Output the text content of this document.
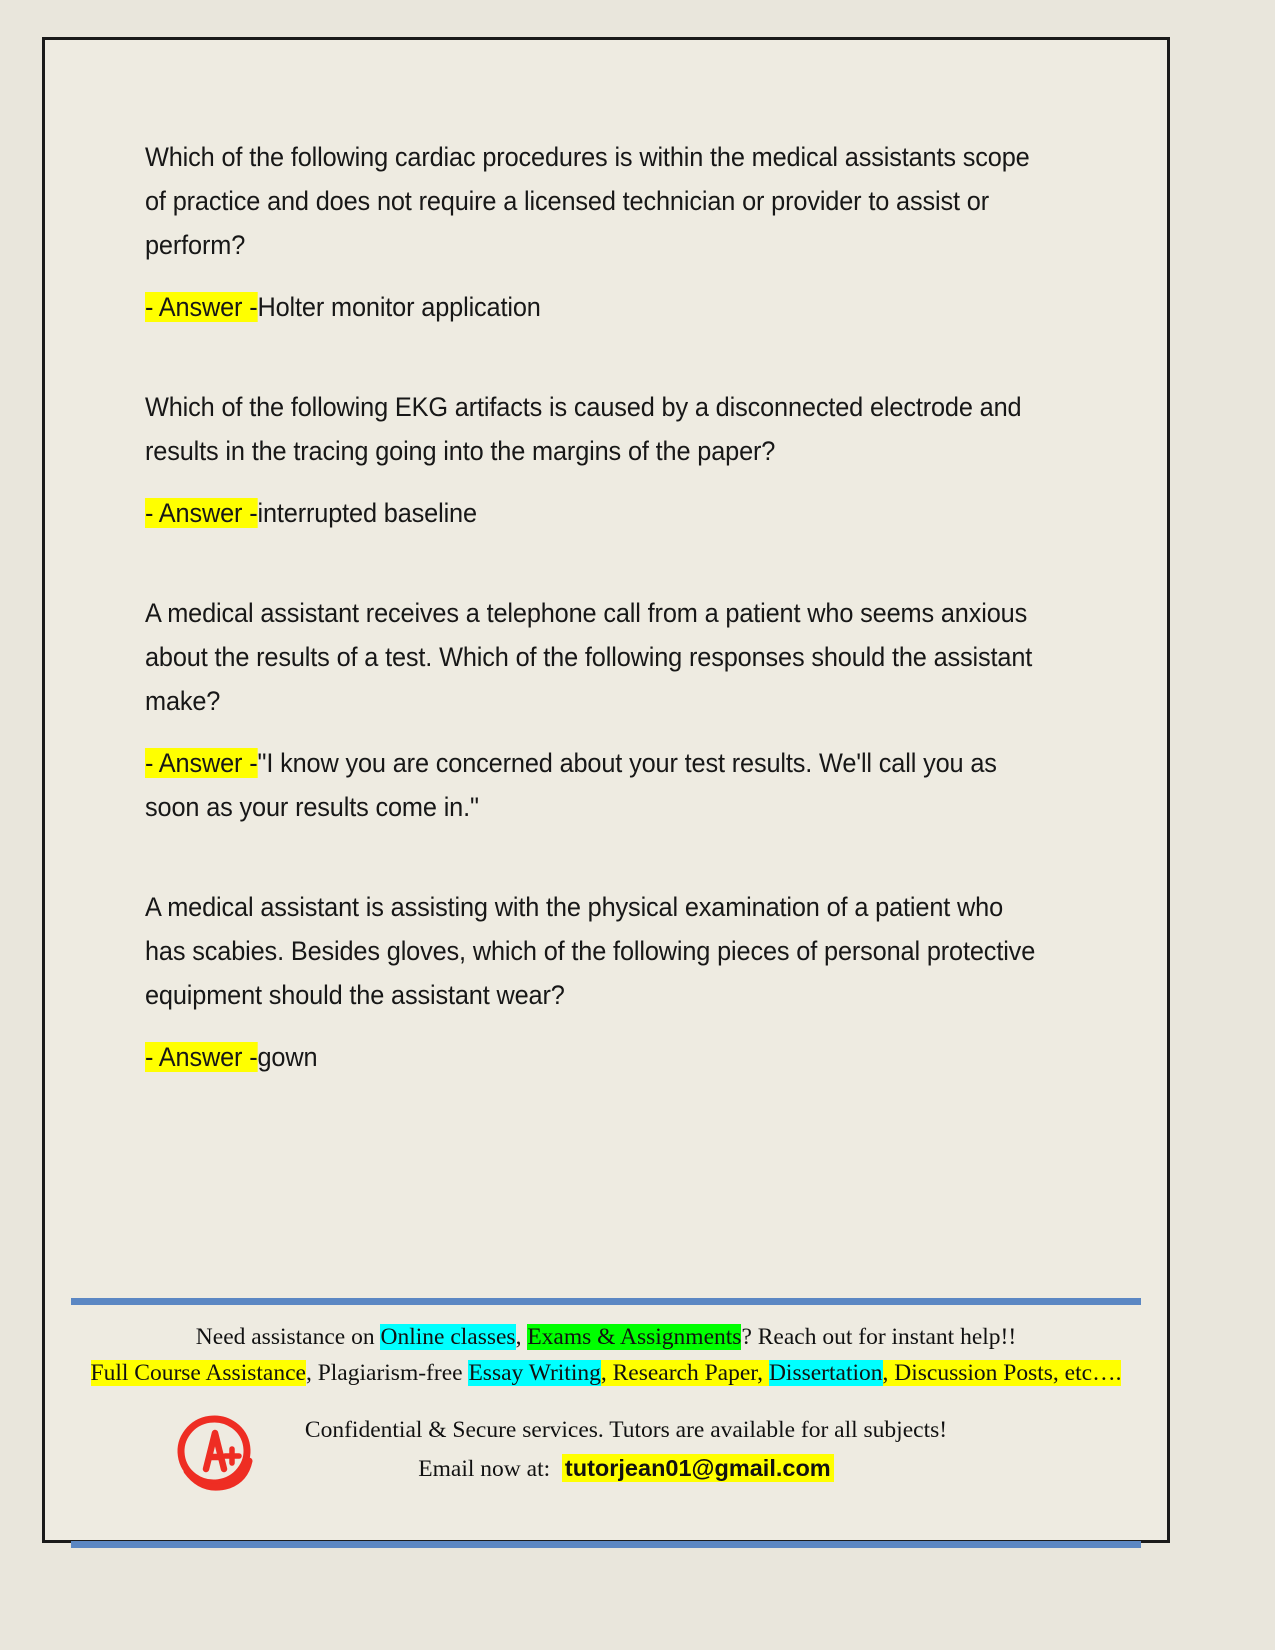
Which of the following cardiac procedures is within the medical assistants scope of practice and does not require a licensed technician or provider to assist or perform?

- Answer -Holter monitor application

Which of the following EKG artifacts is caused by a disconnected electrode and results in the tracing going into the margins of the paper?

- Answer -interrupted baseline

A medical assistant receives a telephone call from a patient who seems anxious about the results of a test. Which of the following responses should the assistant make?

- Answer -"I know you are concerned about your test results. We'll call you as soon as your results come in."

A medical assistant is assisting with the physical examination of a patient who has scabies. Besides gloves, which of the following pieces of personal protective equipment should the assistant wear?

- Answer -gown

Need assistance on Online classes, Exams & Assignments? Reach out for instant help!!
Full Course Assistance, Plagiarism-free Essay Writing, Research Paper, Dissertation, Discussion Posts, etc….
Confidential & Secure services. Tutors are available for all subjects!
Email now at: tutorjean01@gmail.com
